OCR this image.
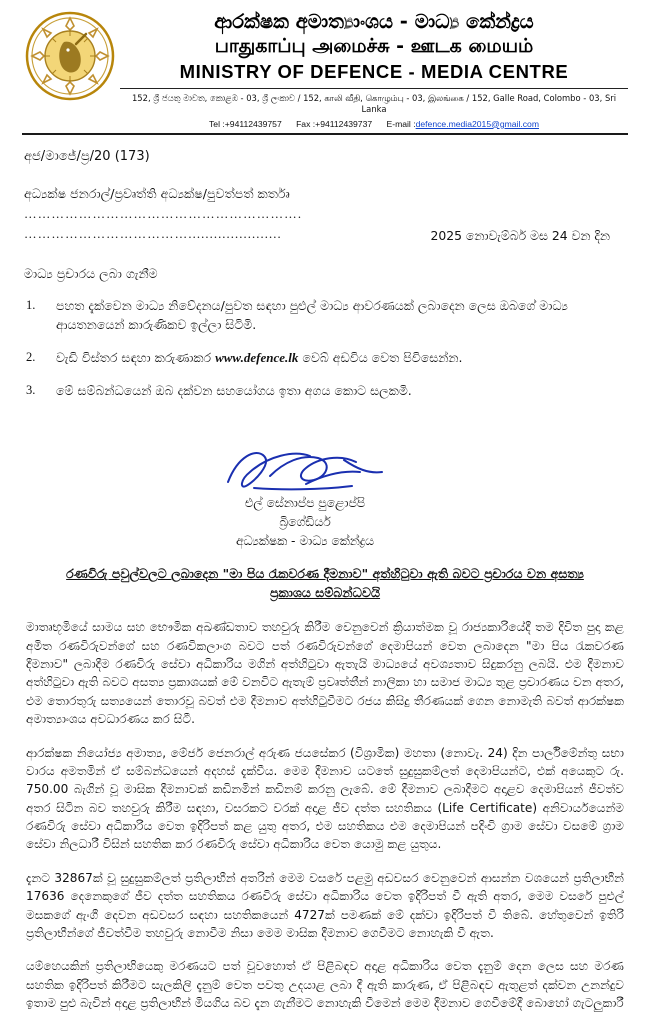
ආරක්ෂක අමාත්‍යාංශය - මාධ්‍ය කේන්ද්‍රය
பாதுகாப்பு அமைச்சு - ஊடக மையம்
MINISTRY OF DEFENCE - MEDIA CENTRE
152, ශ්‍රී ජයතු මාවත, කොළඹ - 03, ශ්‍රී ලංකාව / 152, காலி வீதி, கொழும்பு - 03, இலங்கை / 152, Galle Road, Colombo - 03, Sri Lanka
Tel :+94112439757 Fax :+94112439737 E-mail :defence.media2015@gmail.com
අජ/මාජේ/ප්‍ර/20 (173)
අධ්‍යක්ෂ ජනරාල්/ප්‍රවෘත්ති අධ්‍යක්ෂ/පුවත්පත් කර්තෘ
…………………………………………………….
………………………………......................	2025 නොවැම්බර් මස 24 වන දින
මාධ්‍ය ප්‍රචාරය ලබා ගැනීම
1. පහත දැක්වෙන මාධ්‍ය නිවේදනය/පුවත සඳහා පුළුල් මාධ්‍ය ආවරණයක් ලබාදෙන ලෙස ඔබගේ මාධ්‍ය ආයතනයෙන් කාරුණිකව ඉල්ලා සිටිමි.
2. වැඩි විස්තර සඳහා කරුණාකර www.defence.lk වෙබ් අඩවිය වෙත පිවිසෙන්න.
3. මේ සම්බන්ධයෙන් ඔබ දක්වන සහයෝගය ඉතා අගය කොට සලකමි.
එල් සේනාප්ප පුළොප්පි
බ්‍රිගේඩියර්
අධ්‍යක්ෂක - මාධ්‍ය කේන්ද්‍රය
රණවිරු පවුල්වලට ලබාදෙන "මා පිය රැකවරණ දීමනාව" අත්හිටුවා ඇති බවට ප්‍රචාරය වන අසත්‍ය ප්‍රකාශය සම්බන්ධවයි
මාතෘභූමියේ සාමය සහ භෞමික අඛණ්ඩතාව තහවුරු කිරීම වෙනුවෙන් ක්‍රියාත්මක වූ රාජ්‍යකාරියේදී තම දිවිත පුදා කළ අමිත රණවිරුවන්ගේ සහ රණවිකලාංග බවට පත් රණවිරුවන්ගේ දෙමාපියන් වෙත ලබාදෙන "මා පිය රැකවරණ දීමනාව" ලබාදීම රණවිරු සේවා අධිකාරිය මගින් අත්හිටුවා ඇතැයි මාධ්‍යයේ අවශ්‍යතාව සිදුකරනු ලබයි. එම දීමනාව අත්හිටුවා ඇති බවට අසත්‍ය ප්‍රකාශයක් මේ වනවිට ඇතැම් ප්‍රවෘත්තීන් නාලිකා හා සමාජ මාධ්‍ය තුළ ප්‍රචාරණය වන අතර, එම තොරතුරු සත්‍යයෙන් තොරවූ බවත් එම දීමනාව අත්හිටුවීමට රජය කිසිදු තීරණයක් ගෙන නොමැති බවත් ආරක්ෂක අමාත්‍යාංශය අවධාරණය කර සිටී.
ආරක්ෂක නියෝජ්‍ය අමාත්‍ය, මේජර් ජෙනරාල් අරුණ ජයසේකර (විශ්‍රාමික) මහතා (නොවැ. 24) දින පාර්ලිමේන්තු සභා වාරය අමතමින් ඒ සම්බන්ධයෙන් අදහස් දැක්වීය. මෙම දීමනාව යටතේ සුදුසුකම්ලත් දෙමාපියන්ට, එක් අයෙකුට රු. 750.00 බැගින් වූ මාසික දීමනාවක් කඩිනමින් කඩිනම් කරනු ලැබේ. මේ දීමනාව ලබාදීමට අදාළව දෙමාපියන් ජීවත්ව අතර සිටින බව තහවුරු කිරීම සඳහා, වසරකට වරක් අදාළ ජීව දත්ත සහතිකය (Life Certificate) අනිවාර්යයෙන්ම රණවිරු සේවා අධිකාරිය වෙත ඉදිරිපත් කළ යුතු අතර, එම සහතිකය එම දෙමාපියන් පදිංචි ග්‍රාම සේවා වසමේ ග්‍රාම සේවා නිලධාරී විසින් සහතික කර රණවිරු සේවා අධිකාරිය වෙත යොමු කළ යුතුය.
දැනට 32867ක් වූ සුදුසුකම්ලත් ප්‍රතිලාභීන් අතරින් මෙම වසරේ පළමු අඩවසර වෙනුවෙන් ආසන්න වශයෙන් ප්‍රතිලාභීන් 17636 දෙනෙකුගේ ජීව දත්ත සහතිකය රණවිරු සේවා අධිකාරිය වෙත ඉදිරිපත් වී ඇති අතර, මෙම වසරේ පුළුල් මසකගේ ඇංගී දෙවන අඩවසර සඳහා සහතිකයෙන් 4727ක් පමණක් මේ දක්වා ඉදිරිපත් වී තිබේ. හේතුවෙන් ඉතිරි ප්‍රතිලාභීන්ගේ ජීවත්වීම තහවුරු නොවීම නිසා මෙම මාසික දීමනාව ගෙවීමට නොහැකි වී ඇත.
යම්හෙයකින් ප්‍රතිලාභියෙකු මරණයට පත් වූවහොත් ඒ පිළිබඳව අදාළ අධිකාරිය වෙත දැනුම් දෙන ලෙස සහ මරණ සහතික ඉදිරිපත් කිරීමට සැලකිලි දැනුම් වෙත පවතු උදයාළ ලබා දී ඇති කාරුණ, ඒ පිළිබඳව ඇතුළත් දක්වන උනන්දුව ඉතාම පුළු බැවින් අදාළ ප්‍රතිලාභීන් මියගිය බව දැන ගැනීමට නොහැකි වීමෙන් මෙම දීමනාව ගෙවීමේදී බොහෝ ගැටලුකාරී
